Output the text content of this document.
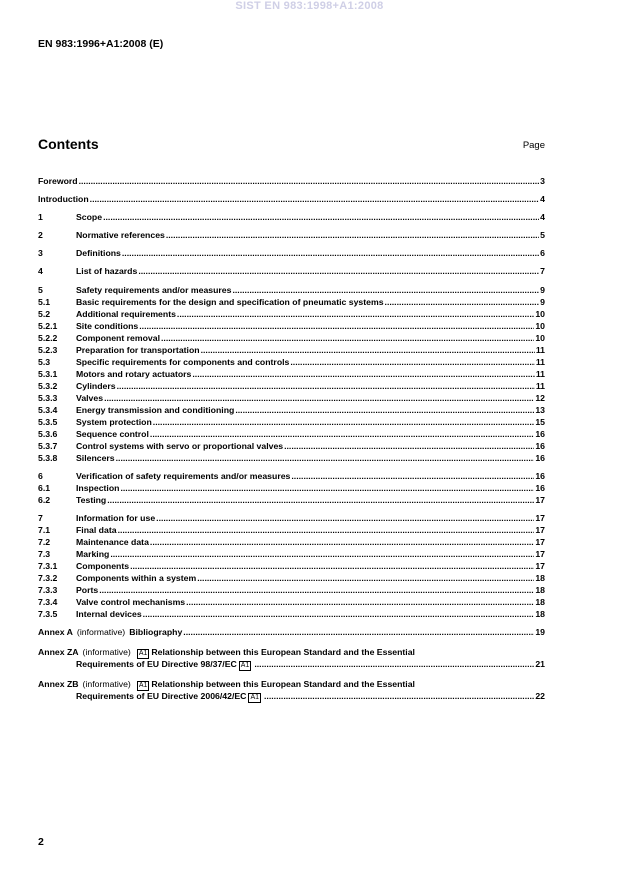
SIST EN 983:1998+A1:2008
EN 983:1996+A1:2008 (E)
Contents	Page
Foreword .....	3
Introduction .....	4
1	Scope .....	4
2	Normative references .....	5
3	Definitions .....	6
4	List of hazards .....	7
5	Safety requirements and/or measures .....	9
5.1	Basic requirements for the design and specification of pneumatic systems .....	9
5.2	Additional requirements .....	10
5.2.1	Site conditions .....	10
5.2.2	Component removal .....	10
5.2.3	Preparation for transportation .....	11
5.3	Specific requirements for components and controls .....	11
5.3.1	Motors and rotary actuators .....	11
5.3.2	Cylinders .....	11
5.3.3	Valves .....	12
5.3.4	Energy transmission and conditioning .....	13
5.3.5	System protection .....	15
5.3.6	Sequence control .....	16
5.3.7	Control systems with servo or proportional valves .....	16
5.3.8	Silencers .....	16
6	Verification of safety requirements and/or measures .....	16
6.1	Inspection .....	16
6.2	Testing .....	17
7	Information for use .....	17
7.1	Final data .....	17
7.2	Maintenance data .....	17
7.3	Marking .....	17
7.3.1	Components .....	17
7.3.2	Components within a system .....	18
7.3.3	Ports .....	18
7.3.4	Valve control mechanisms .....	18
7.3.5	Internal devices .....	18
Annex A (informative) Bibliography .....	19
Annex ZA (informative) A1 Relationship between this European Standard and the Essential
Requirements of EU Directive 98/37/EC A1 .....	21
Annex ZB (informative) A1 Relationship between this European Standard and the Essential
Requirements of EU Directive 2006/42/EC A1 .....	22
2
